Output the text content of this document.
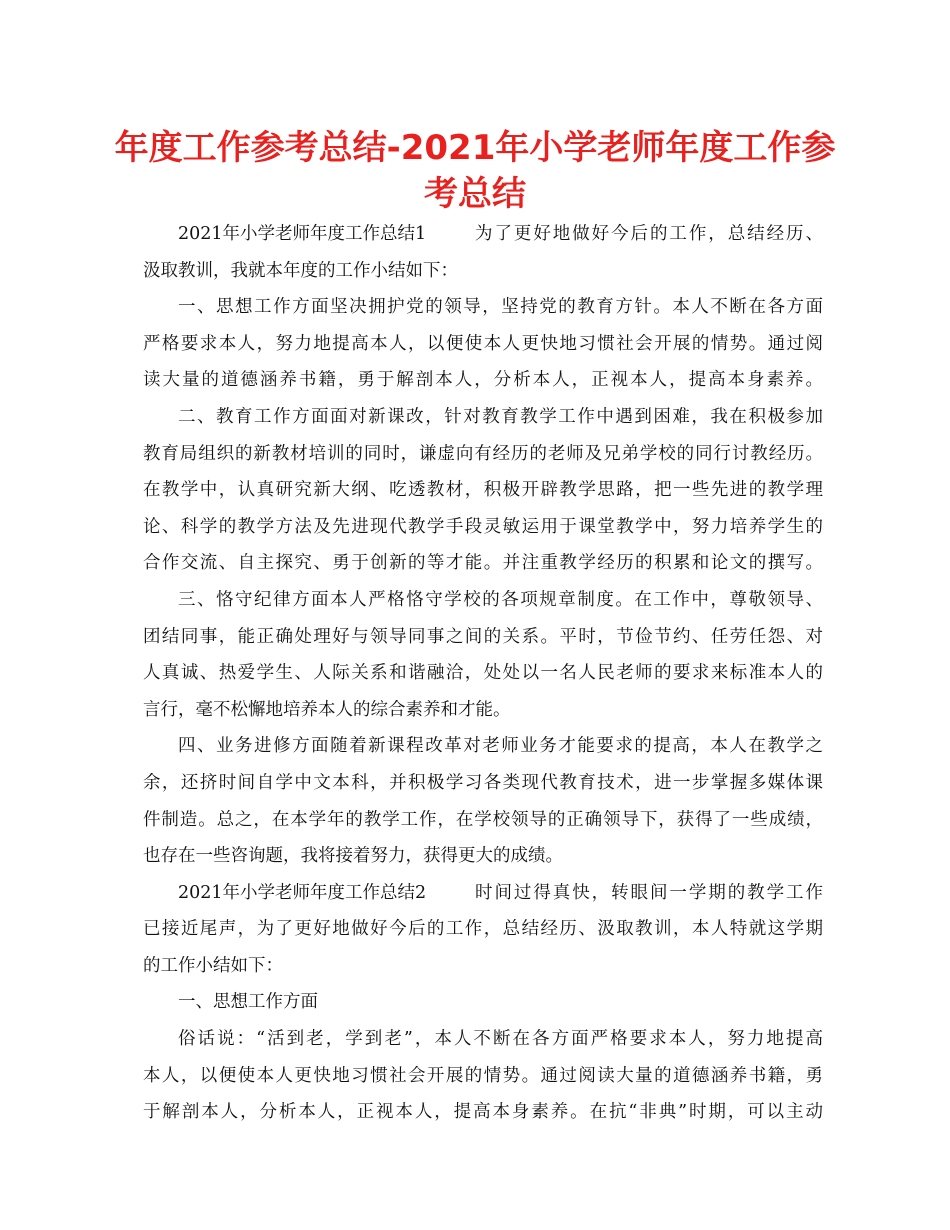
年度工作参考总结-2021年小学老师年度工作参
考总结
2021年小学老师年度工作总结1	为了更好地做好今后的工作，总结经历、
汲取教训，我就本年度的工作小结如下：
一、思想工作方面坚决拥护党的领导，坚持党的教育方针。本人不断在各方面
严格要求本人，努力地提高本人，以便使本人更快地习惯社会开展的情势。通过阅
读大量的道德涵养书籍，勇于解剖本人，分析本人，正视本人，提高本身素养。
二、教育工作方面面对新课改，针对教育教学工作中遇到困难，我在积极参加
教育局组织的新教材培训的同时，谦虚向有经历的老师及兄弟学校的同行讨教经历。
在教学中，认真研究新大纲、吃透教材，积极开辟教学思路，把一些先进的教学理
论、科学的教学方法及先进现代教学手段灵敏运用于课堂教学中，努力培养学生的
合作交流、自主探究、勇于创新的等才能。并注重教学经历的积累和论文的撰写。
三、恪守纪律方面本人严格恪守学校的各项规章制度。在工作中，尊敬领导、
团结同事，能正确处理好与领导同事之间的关系。平时，节俭节约、任劳任怨、对
人真诚、热爱学生、人际关系和谐融洽，处处以一名人民老师的要求来标准本人的
言行，毫不松懈地培养本人的综合素养和才能。
四、业务进修方面随着新课程改革对老师业务才能要求的提高，本人在教学之
余，还挤时间自学中文本科，并积极学习各类现代教育技术，进一步掌握多媒体课
件制造。总之，在本学年的教学工作，在学校领导的正确领导下，获得了一些成绩，
也存在一些咨询题，我将接着努力，获得更大的成绩。
2021年小学老师年度工作总结2	时间过得真快，转眼间一学期的教学工作
已接近尾声，为了更好地做好今后的工作，总结经历、汲取教训，本人特就这学期
的工作小结如下：
一、思想工作方面
俗话说：“活到老，学到老”，本人不断在各方面严格要求本人，努力地提高
本人，以便使本人更快地习惯社会开展的情势。通过阅读大量的道德涵养书籍，勇
于解剖本人，分析本人，正视本人，提高本身素养。在抗“非典”时期，可以主动
